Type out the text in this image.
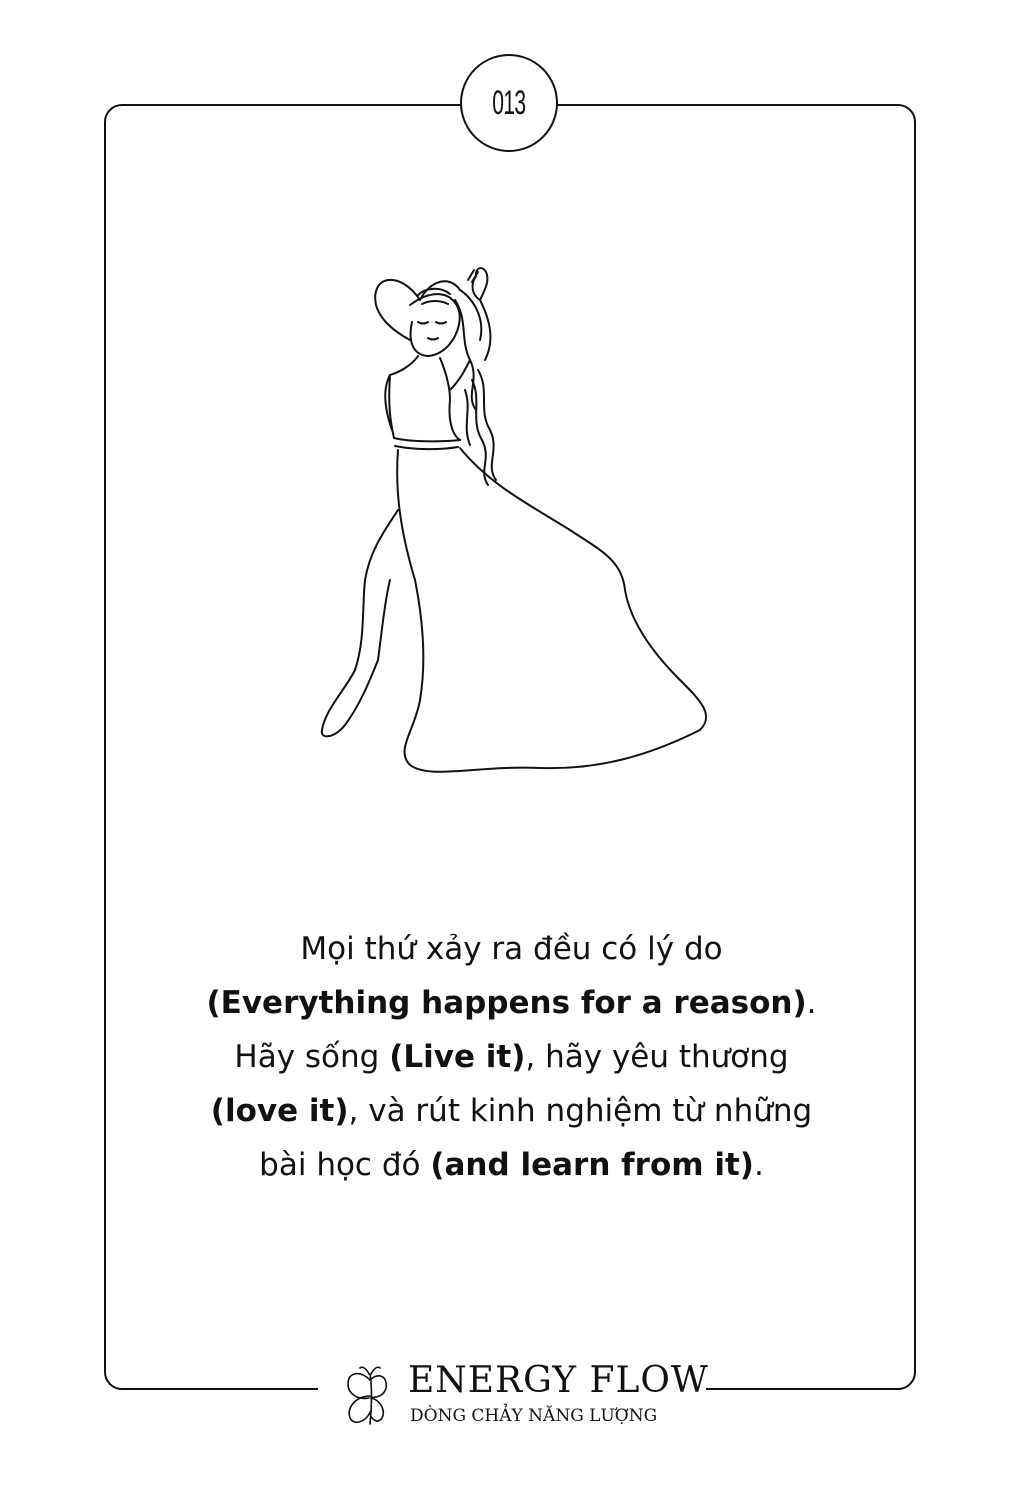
013

Mọi thứ xảy ra đều có lý do
(Everything happens for a reason). Hãy sống (Live it), hãy yêu thương (love it), và rút kinh nghiệm từ những bài học đó (and learn from it).

ENERGY FLOW
DÒNG CHẢY NĂNG LƯỢNG
